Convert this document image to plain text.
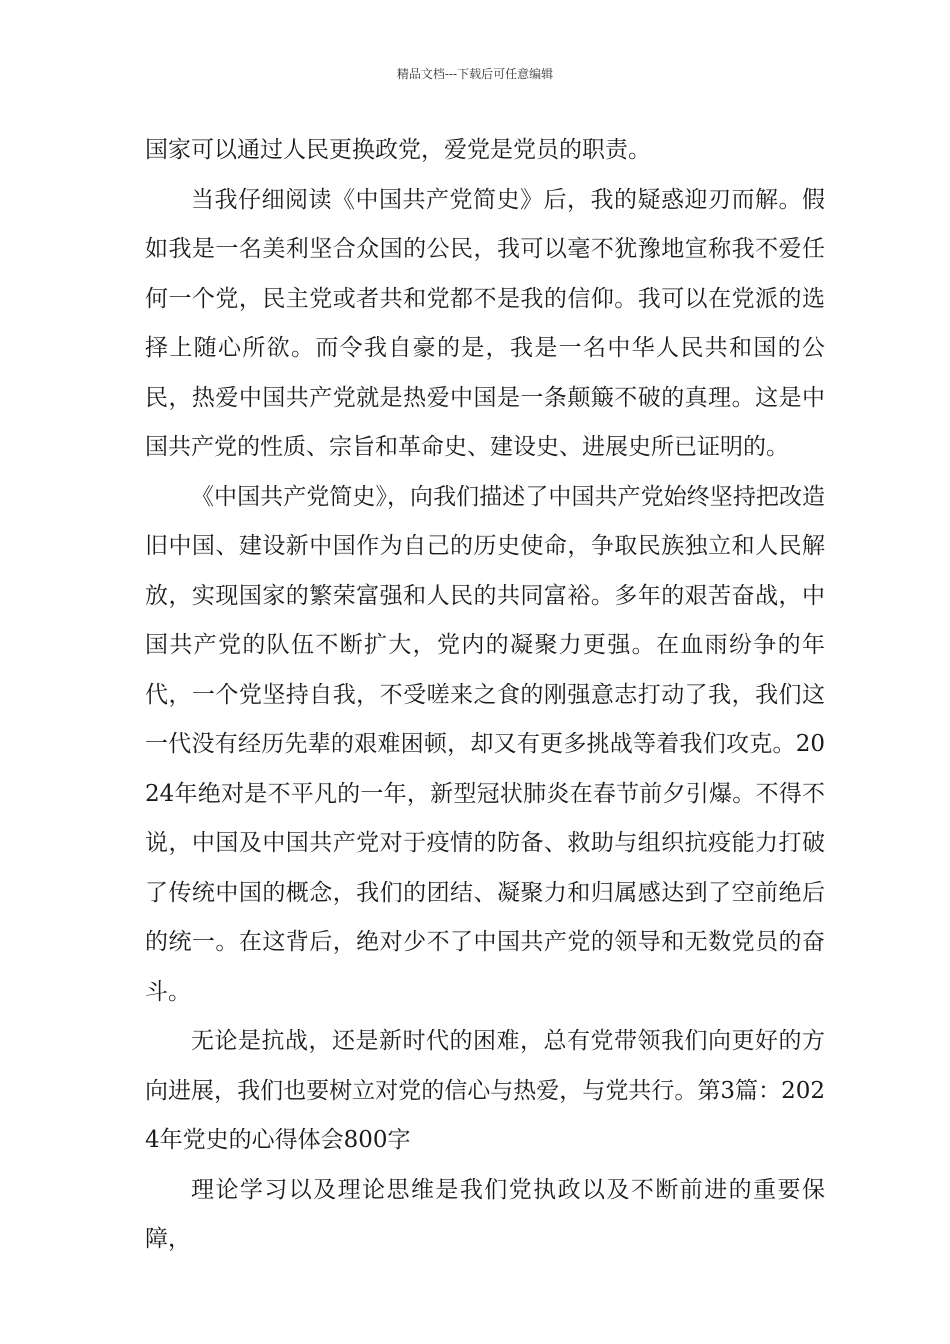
精品文档---下载后可任意编辑

国家可以通过人民更换政党，爱党是党员的职责。

当我仔细阅读《中国共产党简史》后，我的疑惑迎刃而解。假如我是一名美利坚合众国的公民，我可以毫不犹豫地宣称我不爱任何一个党，民主党或者共和党都不是我的信仰。我可以在党派的选择上随心所欲。而令我自豪的是，我是一名中华人民共和国的公民，热爱中国共产党就是热爱中国是一条颠簸不破的真理。这是中国共产党的性质、宗旨和革命史、建设史、进展史所已证明的。

《中国共产党简史》，向我们描述了中国共产党始终坚持把改造旧中国、建设新中国作为自己的历史使命，争取民族独立和人民解放，实现国家的繁荣富强和人民的共同富裕。多年的艰苦奋战，中国共产党的队伍不断扩大，党内的凝聚力更强。在血雨纷争的年代，一个党坚持自我，不受嗟来之食的刚强意志打动了我，我们这一代没有经历先辈的艰难困顿，却又有更多挑战等着我们攻克。2024年绝对是不平凡的一年，新型冠状肺炎在春节前夕引爆。不得不说，中国及中国共产党对于疫情的防备、救助与组织抗疫能力打破了传统中国的概念，我们的团结、凝聚力和归属感达到了空前绝后的统一。在这背后，绝对少不了中国共产党的领导和无数党员的奋斗。

无论是抗战，还是新时代的困难，总有党带领我们向更好的方向进展，我们也要树立对党的信心与热爱，与党共行。第3篇：2024年党史的心得体会800字

理论学习以及理论思维是我们党执政以及不断前进的重要保障，
